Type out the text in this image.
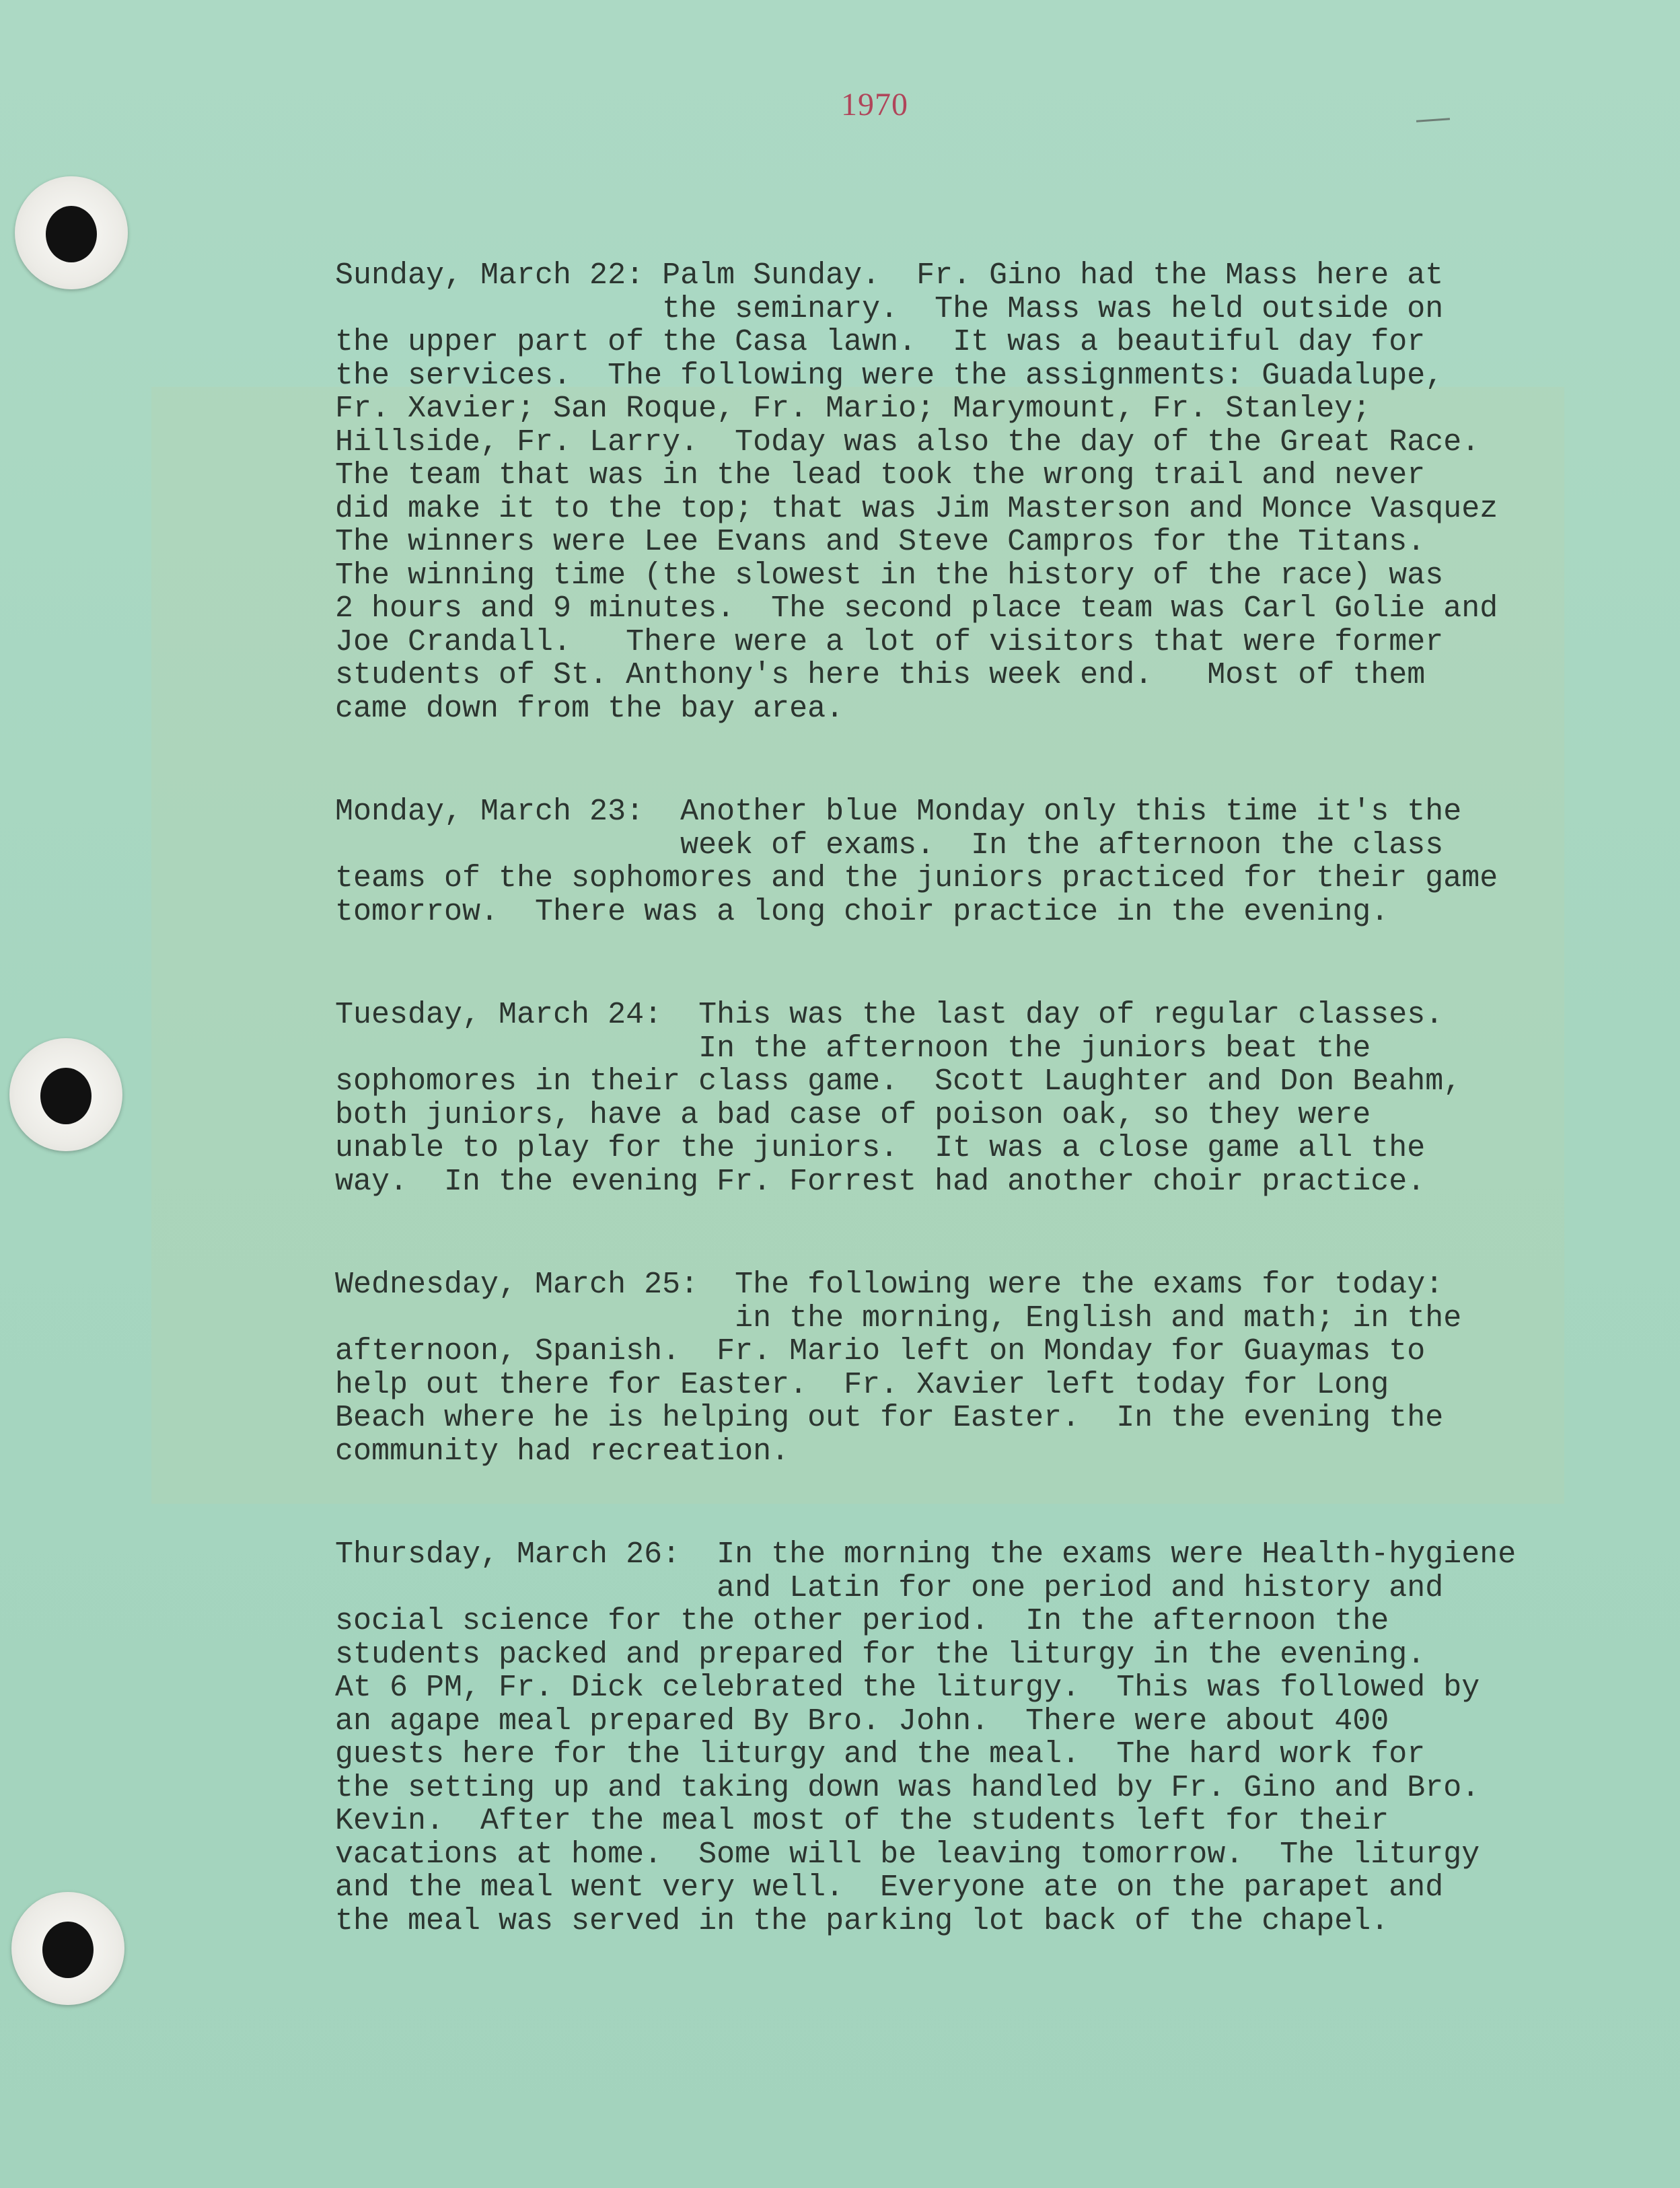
1970
Sunday, March 22: Palm Sunday.  Fr. Gino had the Mass here at
the seminary.  The Mass was held outside on
the upper part of the Casa lawn.  It was a beautiful day for
the services.  The following were the assignments: Guadalupe,
Fr. Xavier; San Roque, Fr. Mario; Marymount, Fr. Stanley;
Hillside, Fr. Larry.  Today was also the day of the Great Race.
The team that was in the lead took the wrong trail and never
did make it to the top; that was Jim Masterson and Monce Vasquez
The winners were Lee Evans and Steve Campros for the Titans.
The winning time (the slowest in the history of the race) was
2 hours and 9 minutes.  The second place team was Carl Golie and
Joe Crandall.   There were a lot of visitors that were former
students of St. Anthony's here this week end.   Most of them
came down from the bay area.
Monday, March 23:  Another blue Monday only this time it's the
week of exams.  In the afternoon the class
teams of the sophomores and the juniors practiced for their game
tomorrow.  There was a long choir practice in the evening.
Tuesday, March 24:  This was the last day of regular classes.
In the afternoon the juniors beat the
sophomores in their class game.  Scott Laughter and Don Beahm,
both juniors, have a bad case of poison oak, so they were
unable to play for the juniors.  It was a close game all the
way.  In the evening Fr. Forrest had another choir practice.
Wednesday, March 25:  The following were the exams for today:
in the morning, English and math; in the
afternoon, Spanish.  Fr. Mario left on Monday for Guaymas to
help out there for Easter.  Fr. Xavier left today for Long
Beach where he is helping out for Easter.  In the evening the
community had recreation.
Thursday, March 26:  In the morning the exams were Health-hygiene
and Latin for one period and history and
social science for the other period.  In the afternoon the
students packed and prepared for the liturgy in the evening.
At 6 PM, Fr. Dick celebrated the liturgy.  This was followed by
an agape meal prepared By Bro. John.  There were about 400
guests here for the liturgy and the meal.  The hard work for
the setting up and taking down was handled by Fr. Gino and Bro.
Kevin.  After the meal most of the students left for their
vacations at home.  Some will be leaving tomorrow.  The liturgy
and the meal went very well.  Everyone ate on the parapet and
the meal was served in the parking lot back of the chapel.
